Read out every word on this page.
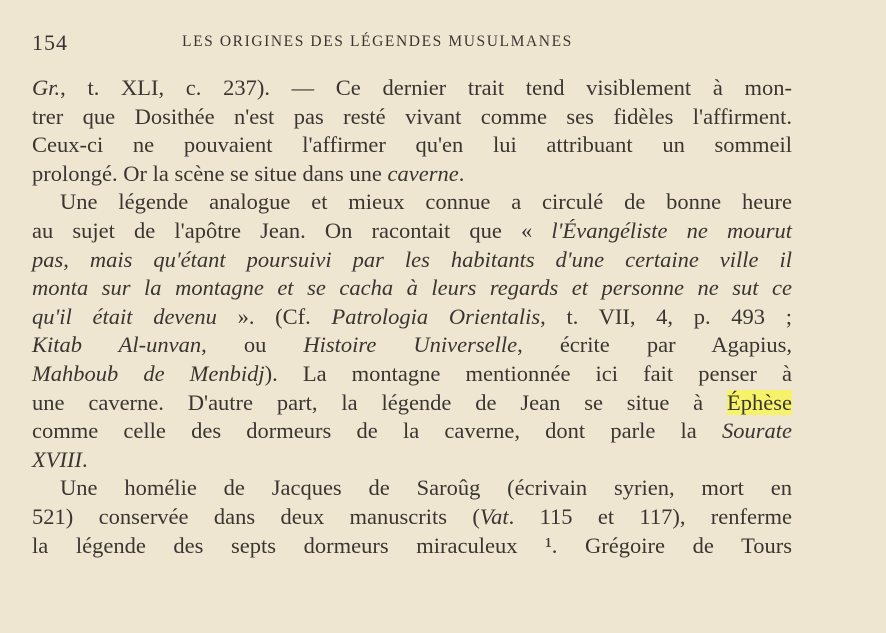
154	LES ORIGINES DES LÉGENDES MUSULMANES
Gr., t. XLI, c. 237). — Ce dernier trait tend visiblement à mon-
trer que Dosithée n'est pas resté vivant comme ses fidèles l'affirment.
Ceux-ci ne pouvaient l'affirmer qu'en lui attribuant un sommeil
prolongé. Or la scène se situe dans une caverne.
Une légende analogue et mieux connue a circulé de bonne heure
au sujet de l'apôtre Jean. On racontait que « l'Évangéliste ne mourut
pas, mais qu'étant poursuivi par les habitants d'une certaine ville il
monta sur la montagne et se cacha à leurs regards et personne ne sut ce
qu'il était devenu ». (Cf. Patrologia Orientalis, t. VII, 4, p. 493 ;
Kitab Al-unvan, ou Histoire Universelle, écrite par Agapius,
Mahboub de Menbidj). La montagne mentionnée ici fait penser à
une caverne. D'autre part, la légende de Jean se situe à Éphèse
comme celle des dormeurs de la caverne, dont parle la Sourate
XVIII.
Une homélie de Jacques de Saroûg (écrivain syrien, mort en
521) conservée dans deux manuscrits (Vat. 115 et 117), renferme
la légende des septs dormeurs miraculeux ¹. Grégoire de Tours
